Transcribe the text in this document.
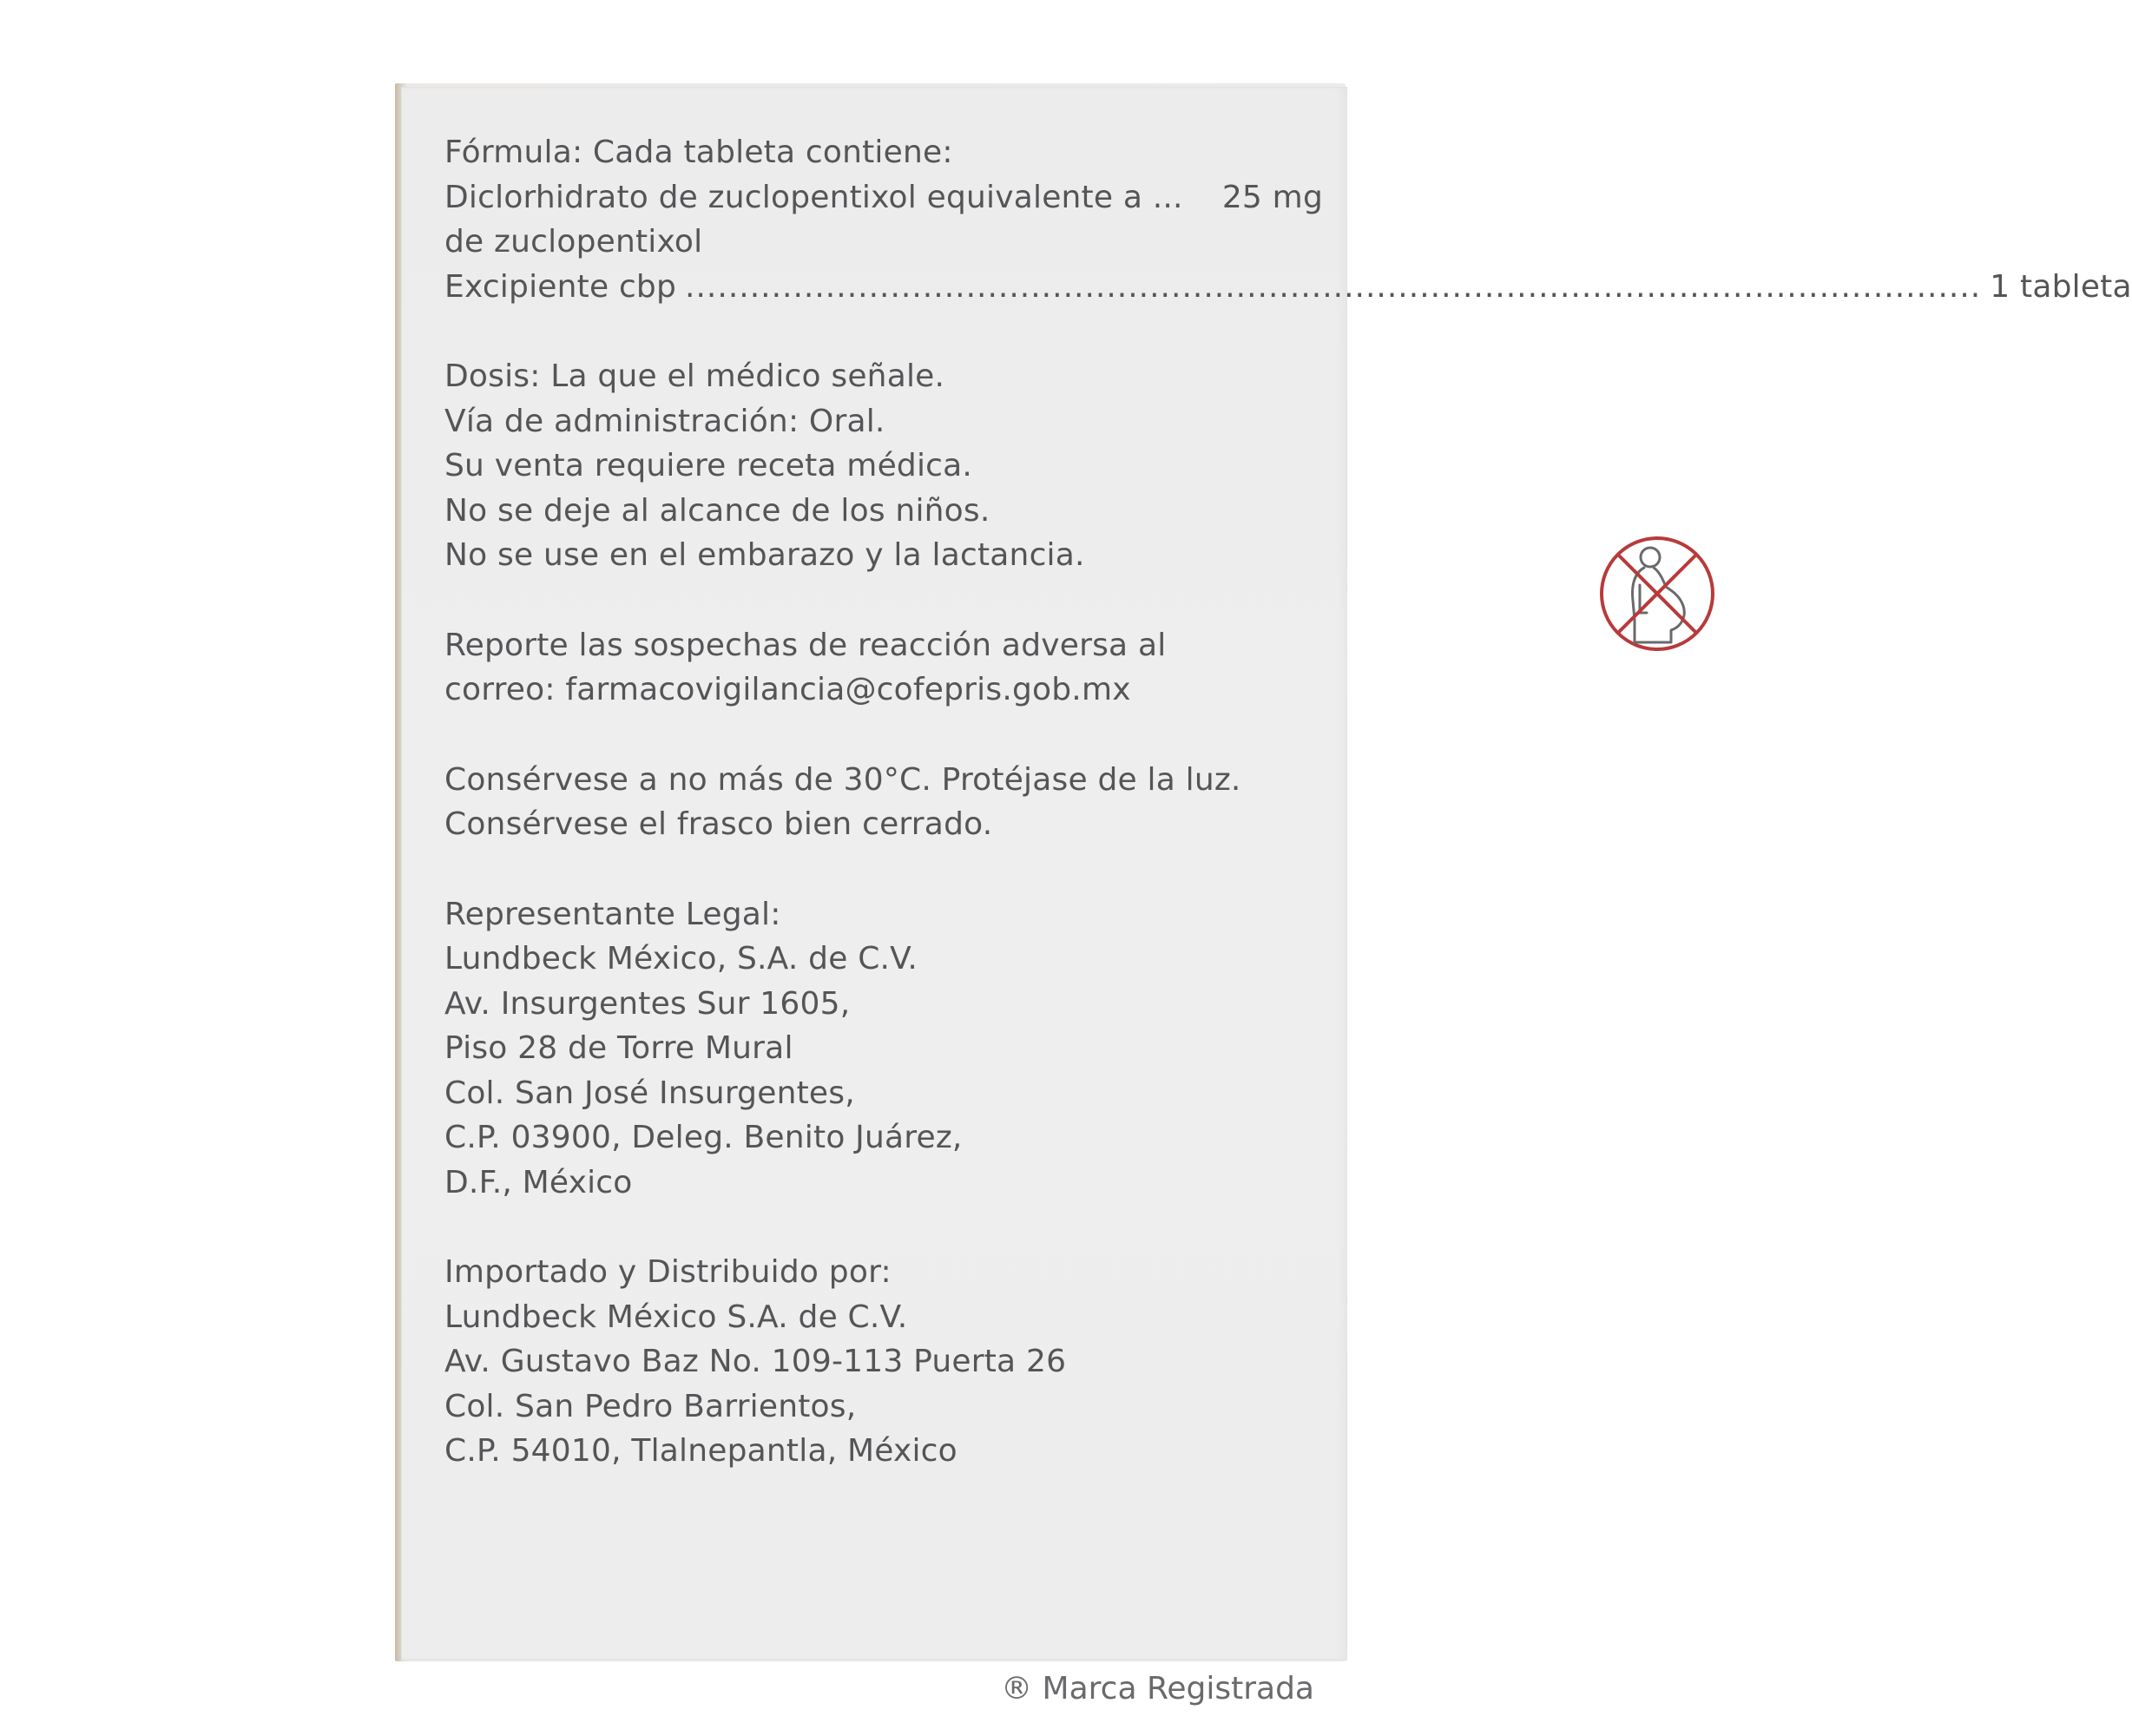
Fórmula: Cada tableta contiene:
Diclorhidrato de zuclopentixol equivalente a ... 25 mg
de zuclopentixol
Excipiente cbp ........................................................................................................................ 1 tableta
Dosis: La que el médico señale.
Vía de administración: Oral.
Su venta requiere receta médica.
No se deje al alcance de los niños.
No se use en el embarazo y la lactancia.
Reporte las sospechas de reacción adversa al
correo: farmacovigilancia@cofepris.gob.mx
Consérvese a no más de 30°C. Protéjase de la luz.
Consérvese el frasco bien cerrado.
Representante Legal:
Lundbeck México, S.A. de C.V.
Av. Insurgentes Sur 1605,
Piso 28 de Torre Mural
Col. San José Insurgentes,
C.P. 03900, Deleg. Benito Juárez,
D.F., México
Importado y Distribuido por:
Lundbeck México S.A. de C.V.
Av. Gustavo Baz No. 109-113 Puerta 26
Col. San Pedro Barrientos,
C.P. 54010, Tlalnepantla, México
® Marca Registrada
